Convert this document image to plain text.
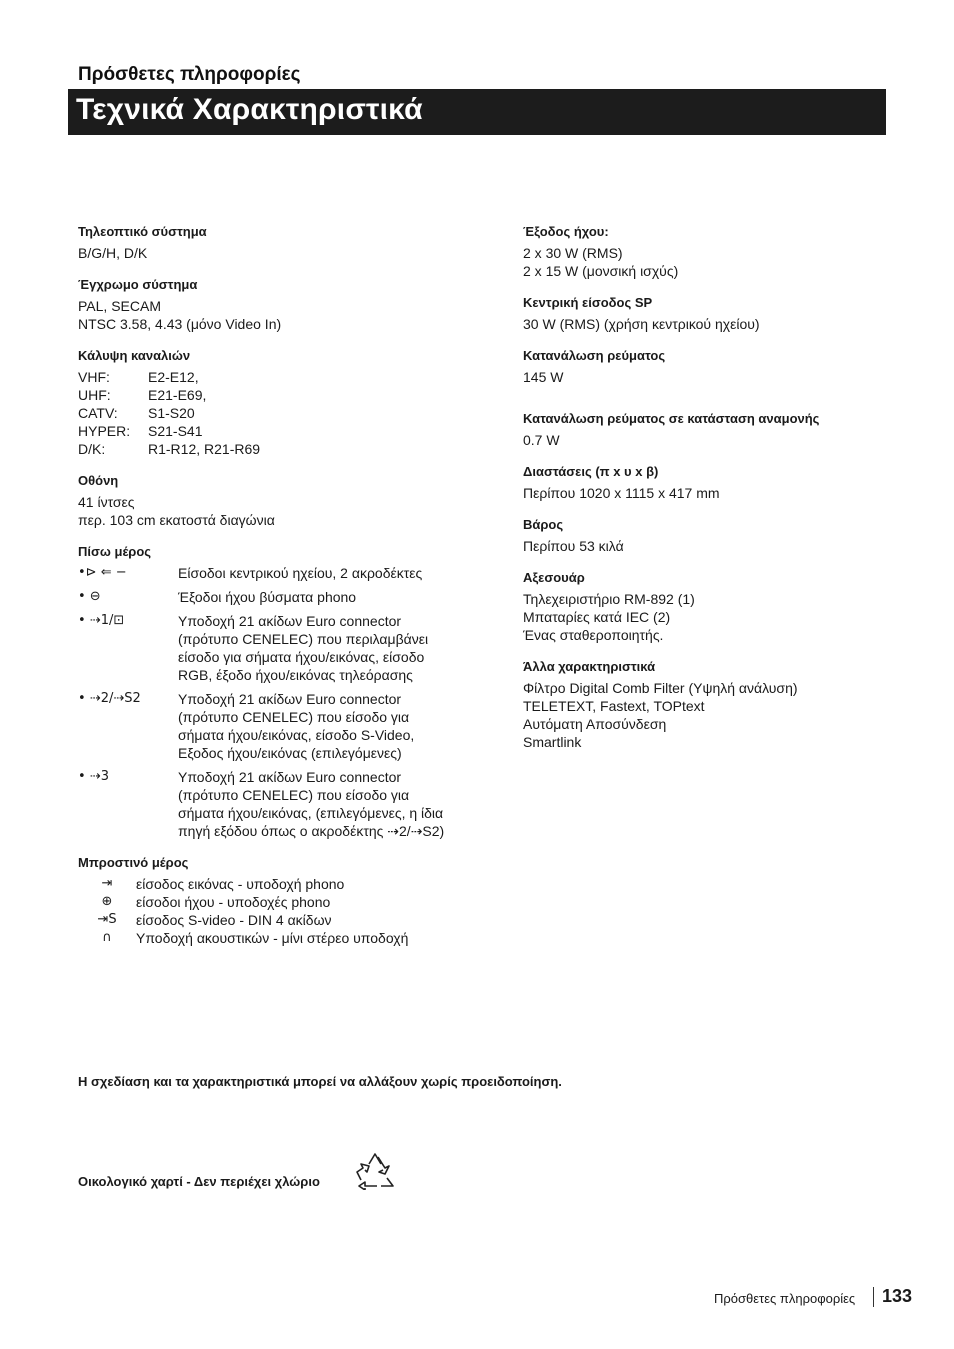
Πρόσθετες πληροφορίες
Τεχνικά Χαρακτηριστικά
Τηλεοπτικό σύστημα
B/G/H, D/K
Έγχρωμο σύστημα
PAL, SECAM
NTSC 3.58, 4.43 (μόνο Video In)
Κάλυψη καναλιών
VHF:	E2-E12,
UHF:	E21-E69,
CATV:	S1-S20
HYPER:	S21-S41
D/K:	R1-R12, R21-R69
Οθόνη
41 ίντσες
περ. 103 cm εκατοστά διαγώνια
Πίσω μέρος
•⊳ ⇐ −	Είσοδοι κεντρικού ηχείου, 2 ακροδέκτες
• ⊖	Έξοδοι ήχου βύσματα phono
• ⇢1/⊡	Υποδοχή 21 ακίδων Euro connector (πρότυπο CENELEC) που περιλαμβάνει είσοδο για σήματα ήχου/εικόνας, είσοδο RGB, έξοδο ήχου/εικόνας τηλεόρασης
• ⇢2/⇢S2	Υποδοχή 21 ακίδων Euro connector (πρότυπο CENELEC) που είσοδο για σήματα ήχου/εικόνας, είσοδο S-Video, Εξοδος ήχου/εικόνας (επιλεγόμενες)
• ⇢3	Υποδοχή 21 ακίδων Euro connector (πρότυπο CENELEC) που είσοδο για σήματα ήχου/εικόνας, (επιλεγόμενες, η ίδια πηγή εξόδου όπως ο ακροδέκτης ⇢2/⇢S2)
Μπροστινό μέρος
⇥	είσοδος εικόνας - υποδοχή phono
⊕	είσοδοι ήχου - υποδοχές phono
⇥S	είσοδος S-video - DIN 4 ακίδων
∩	Υποδοχή ακουστικών - μίνι στέρεο υποδοχή
Έξοδος ήχου:
2 x 30 W (RMS)
2 x 15 W (μονσική ισχύς)
Κεντρική είσοδος SP
30 W (RMS) (χρήση κεντρικού ηχείου)
Κατανάλωση ρεύματος
145 W
Κατανάλωση ρεύματος σε κατάσταση αναμονής
0.7 W
Διαστάσεις (π x υ x β)
Περίπου 1020 x 1115 x 417 mm
Βάρος
Περίπου 53 κιλά
Αξεσουάρ
Τηλεχειριστήριο RM-892 (1)
Μπαταρίες κατά IEC (2)
Ένας σταθεροποιητής.
Άλλα χαρακτηριστικά
Φίλτρο Digital Comb Filter (Υψηλή ανάλυση)
TELETEXT, Fastext, TOPtext
Αυτόματη Αποσύνδεση
Smartlink
Η σχεδίαση και τα χαρακτηριστικά μπορεί να αλλάξουν χωρίς προειδοποίηση.
Οικολογικό χαρτί - Δεν περιέχει χλώριο
Πρόσθετες πληροφορίες 133
